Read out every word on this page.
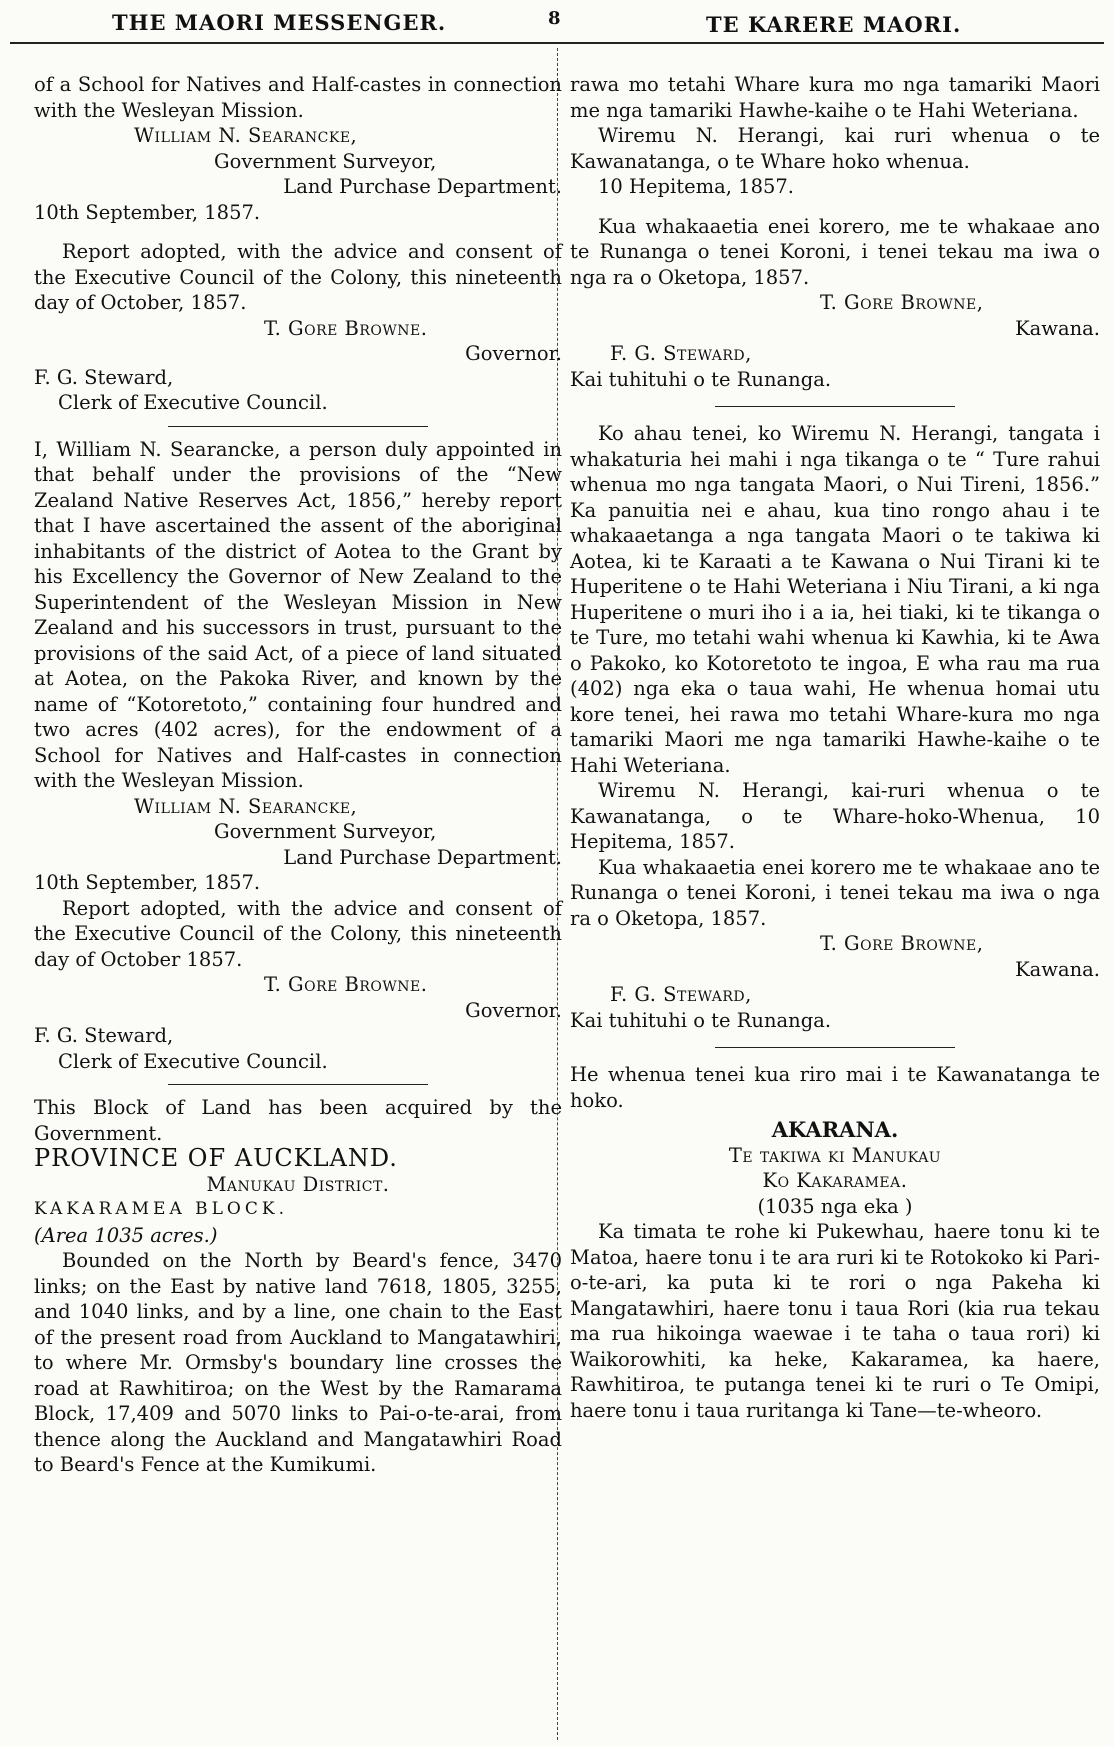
THE MAORI MESSENGER.	8	TE KARERE MAORI.

of a School for Natives and Half-castes in connection with the Wesleyan Mission.

William N. Searancke,

Government Surveyor,

Land Purchase Department.

10th September, 1857.

Report adopted, with the advice and consent of the Executive Council of the Colony, this nineteenth day of October, 1857.

T. Gore Browne.

Governor.

F. G. Steward,

Clerk of Executive Council.

I, William N. Searancke, a person duly appointed in that behalf under the provisions of the “New Zealand Native Reserves Act, 1856,” hereby report that I have ascertained the assent of the aboriginal inhabitants of the district of Aotea to the Grant by his Excellency the Governor of New Zealand to the Superintendent of the Wesleyan Mission in New Zealand and his successors in trust, pursuant to the provisions of the said Act, of a piece of land situated at Aotea, on the Pakoka River, and known by the name of “Kotoretoto,” containing four hundred and two acres (402 acres), for the endowment of a School for Natives and Half-castes in connection with the Wesleyan Mission.

William N. Searancke,

Government Surveyor,

Land Purchase Department.

10th September, 1857.

Report adopted, with the advice and consent of the Executive Council of the Colony, this nineteenth day of October 1857.

T. Gore Browne.

Governor.

F. G. Steward,

Clerk of Executive Council.

This Block of Land has been acquired by the Government.

PROVINCE OF AUCKLAND.

Manukau District.

KAKARAMEA BLOCK.

(Area 1035 acres.)

Bounded on the North by Beard's fence, 3470 links; on the East by native land 7618, 1805, 3255, and 1040 links, and by a line, one chain to the East of the present road from Auckland to Mangatawhiri, to where Mr. Ormsby's boundary line crosses the road at Rawhitiroa; on the West by the Ramarama Block, 17,409 and 5070 links to Pai-o-te-arai, from thence along the Auckland and Mangatawhiri Road to Beard's Fence at the Kumikumi.

rawa mo tetahi Whare kura mo nga tamariki Maori me nga tamariki Hawhe-kaihe o te Hahi Weteriana.

Wiremu N. Herangi, kai ruri whenua o te Kawanatanga, o te Whare hoko whenua.

10 Hepitema, 1857.

Kua whakaaetia enei korero, me te whakaae ano te Runanga o tenei Koroni, i tenei tekau ma iwa o nga ra o Oketopa, 1857.

T. Gore Browne,

Kawana.

F. G. Steward,

Kai tuhituhi o te Runanga.

Ko ahau tenei, ko Wiremu N. Herangi, tangata i whakaturia hei mahi i nga tikanga o te “ Ture rahui whenua mo nga tangata Maori, o Nui Tireni, 1856.” Ka panuitia nei e ahau, kua tino rongo ahau i te whakaaetanga a nga tangata Maori o te takiwa ki Aotea, ki te Karaati a te Kawana o Nui Tirani ki te Huperitene o te Hahi Weteriana i Niu Tirani, a ki nga Huperitene o muri iho i a ia, hei tiaki, ki te tikanga o te Ture, mo tetahi wahi whenua ki Kawhia, ki te Awa o Pakoko, ko Kotoretoto te ingoa, E wha rau ma rua (402) nga eka o taua wahi, He whenua homai utu kore tenei, hei rawa mo tetahi Whare-kura mo nga tamariki Maori me nga tamariki Hawhe-kaihe o te Hahi Weteriana.

Wiremu N. Herangi, kai-ruri whenua o te Kawanatanga, o te Whare-hoko-Whenua, 10 Hepitema, 1857.

Kua whakaaetia enei korero me te whakaae ano te Runanga o tenei Koroni, i tenei tekau ma iwa o nga ra o Oketopa, 1857.

T. Gore Browne,

Kawana.

F. G. Steward,

Kai tuhituhi o te Runanga.

He whenua tenei kua riro mai i te Kawanatanga te hoko.

AKARANA.

Te takiwa ki Manukau

Ko Kakaramea.

(1035 nga eka )

Ka timata te rohe ki Pukewhau, haere tonu ki te Matoa, haere tonu i te ara ruri ki te Rotokoko ki Pari-o-te-ari, ka puta ki te rori o nga Pakeha ki Mangatawhiri, haere tonu i taua Rori (kia rua tekau ma rua hikoinga waewae i te taha o taua rori) ki Waikorowhiti, ka heke, Kakaramea, ka haere, Rawhitiroa, te putanga tenei ki te ruri o Te Omipi, haere tonu i taua ruritanga ki Tane—te-wheoro.
